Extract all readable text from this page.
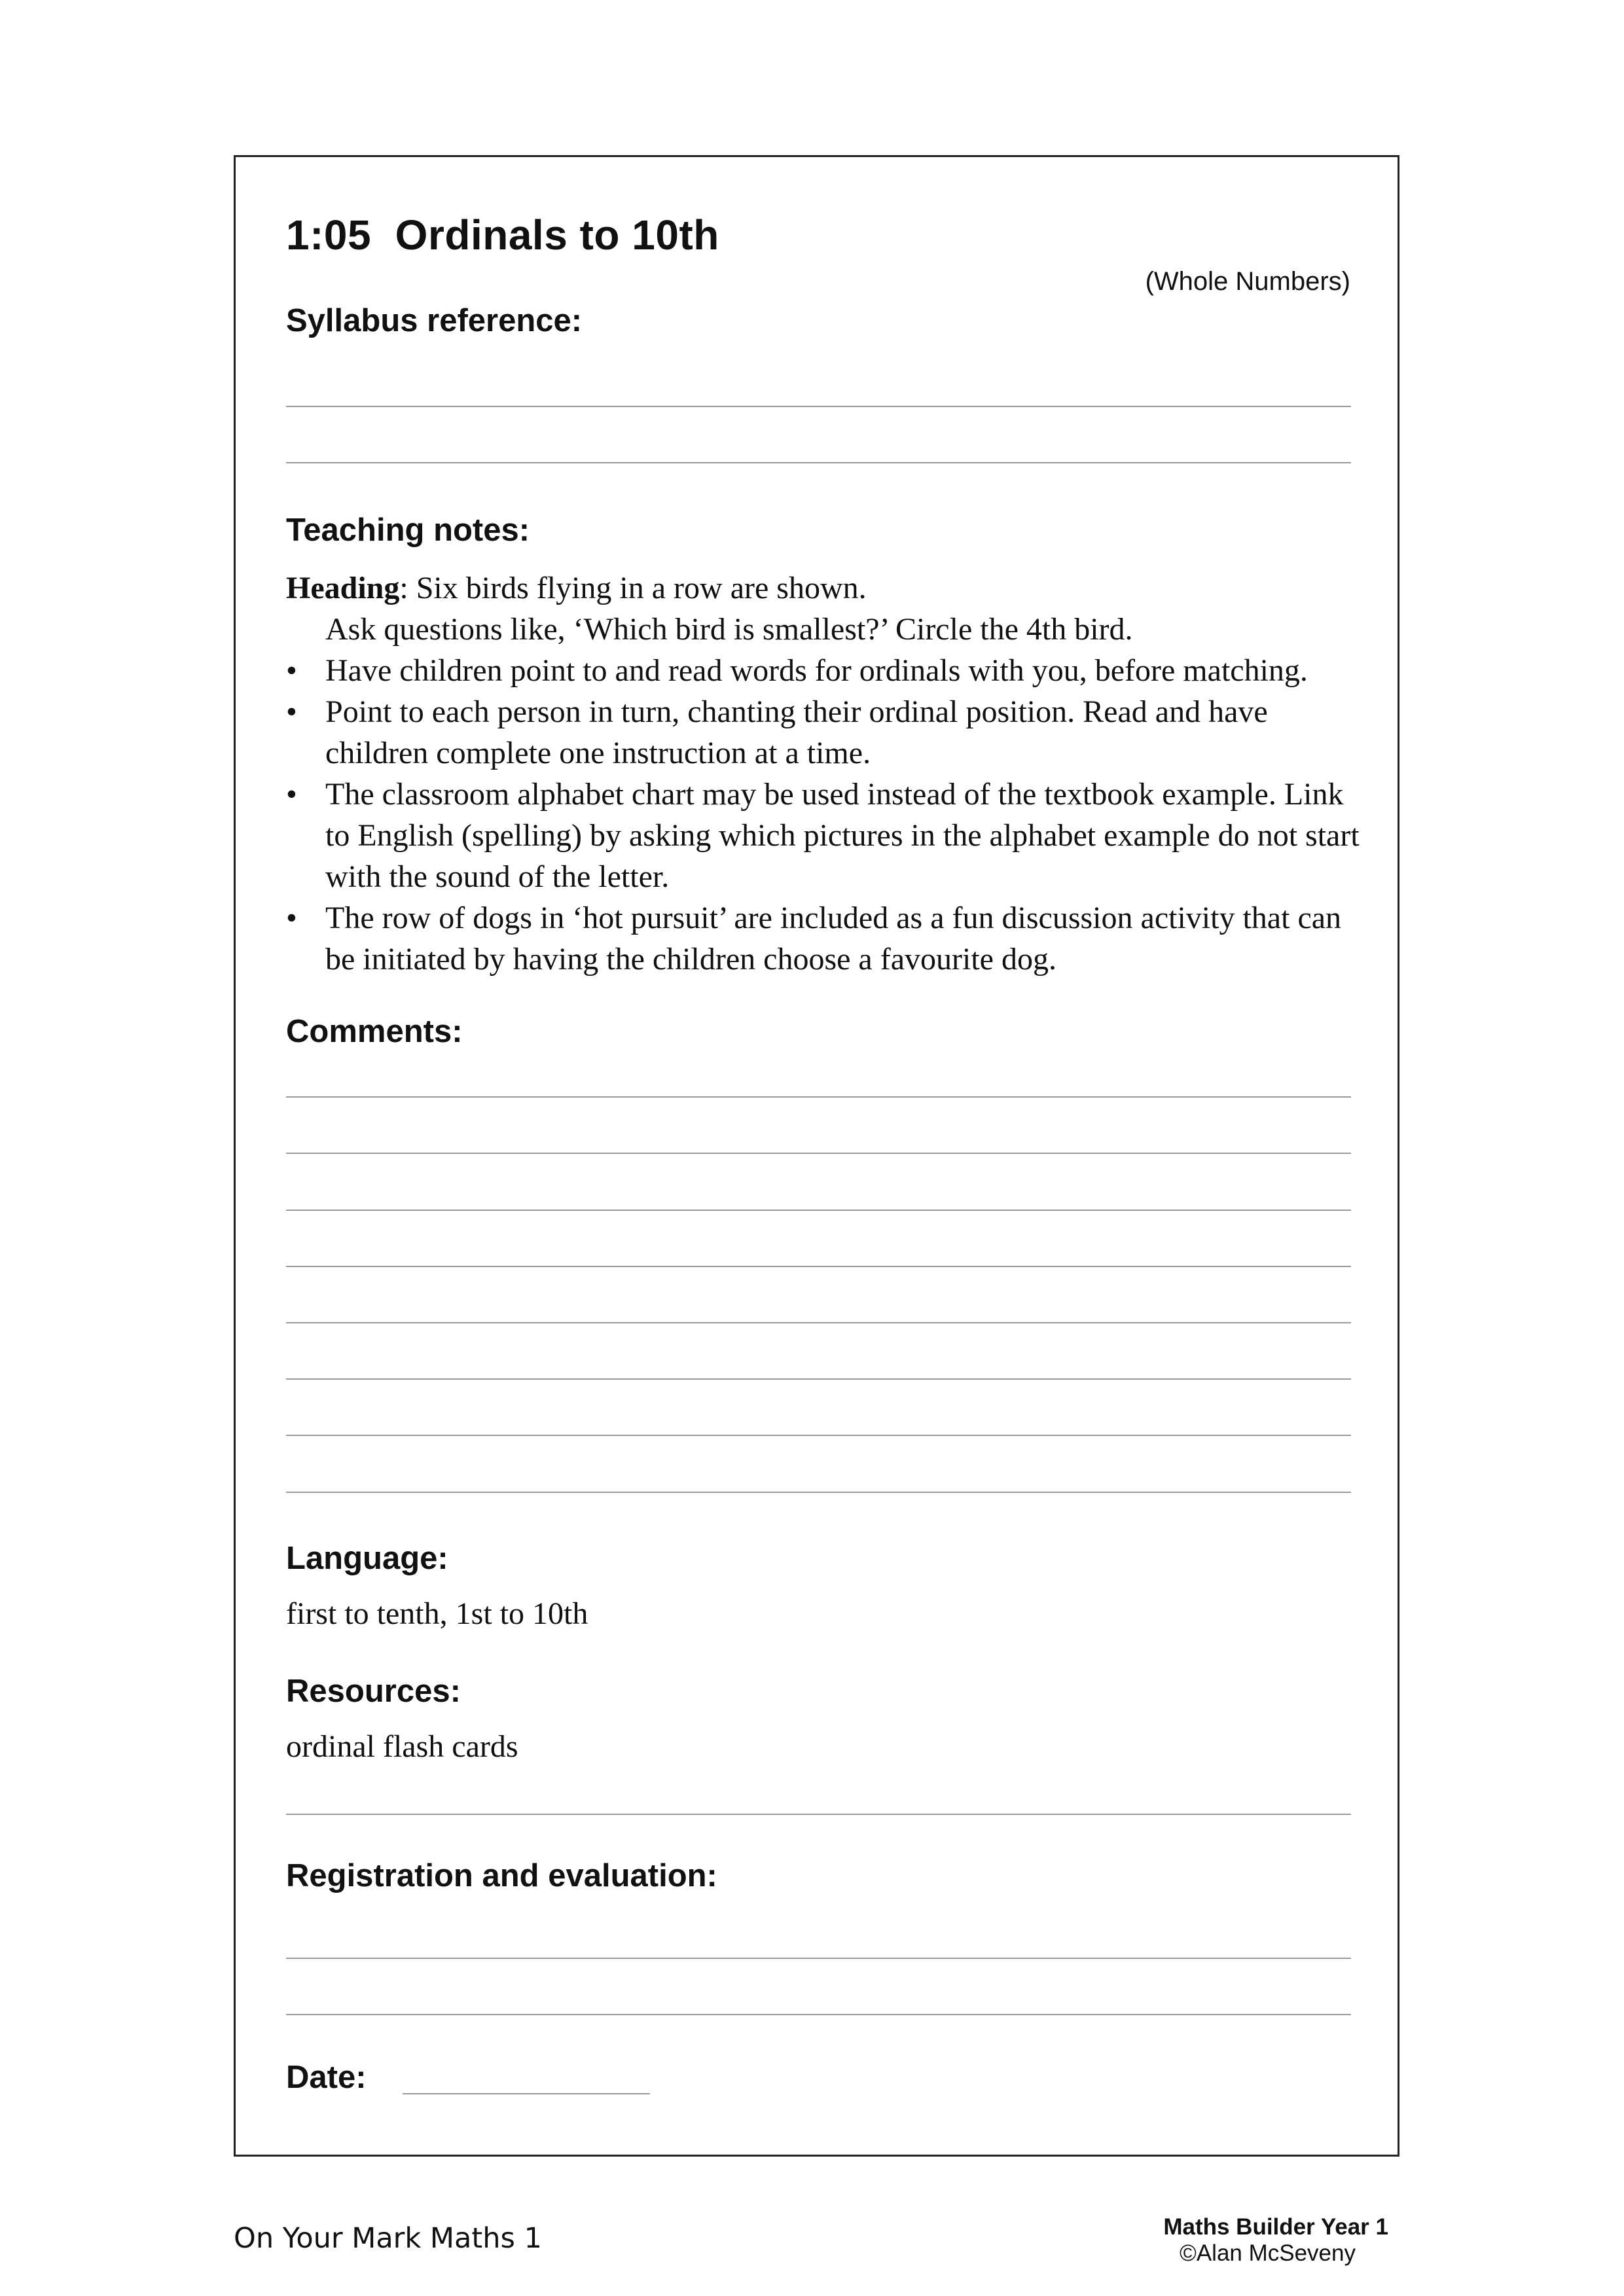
1:05  Ordinals to 10th
(Whole Numbers)
Syllabus reference:
Teaching notes:

Heading: Six birds flying in a row are shown.

Ask questions like, ‘Which bird is smallest?’ Circle the 4th bird.

• Have children point to and read words for ordinals with you, before matching.
• Point to each person in turn, chanting their ordinal position. Read and have children complete one instruction at a time.
• The classroom alphabet chart may be used instead of the textbook example. Link to English (spelling) by asking which pictures in the alphabet example do not start with the sound of the letter.
• The row of dogs in ‘hot pursuit’ are included as a fun discussion activity that can be initiated by having the children choose a favourite dog.
Comments:
Language:
first to tenth, 1st to 10th
Resources:
ordinal flash cards
Registration and evaluation:
Date:
On Your Mark Maths 1	Maths Builder Year 1
©Alan McSeveny
